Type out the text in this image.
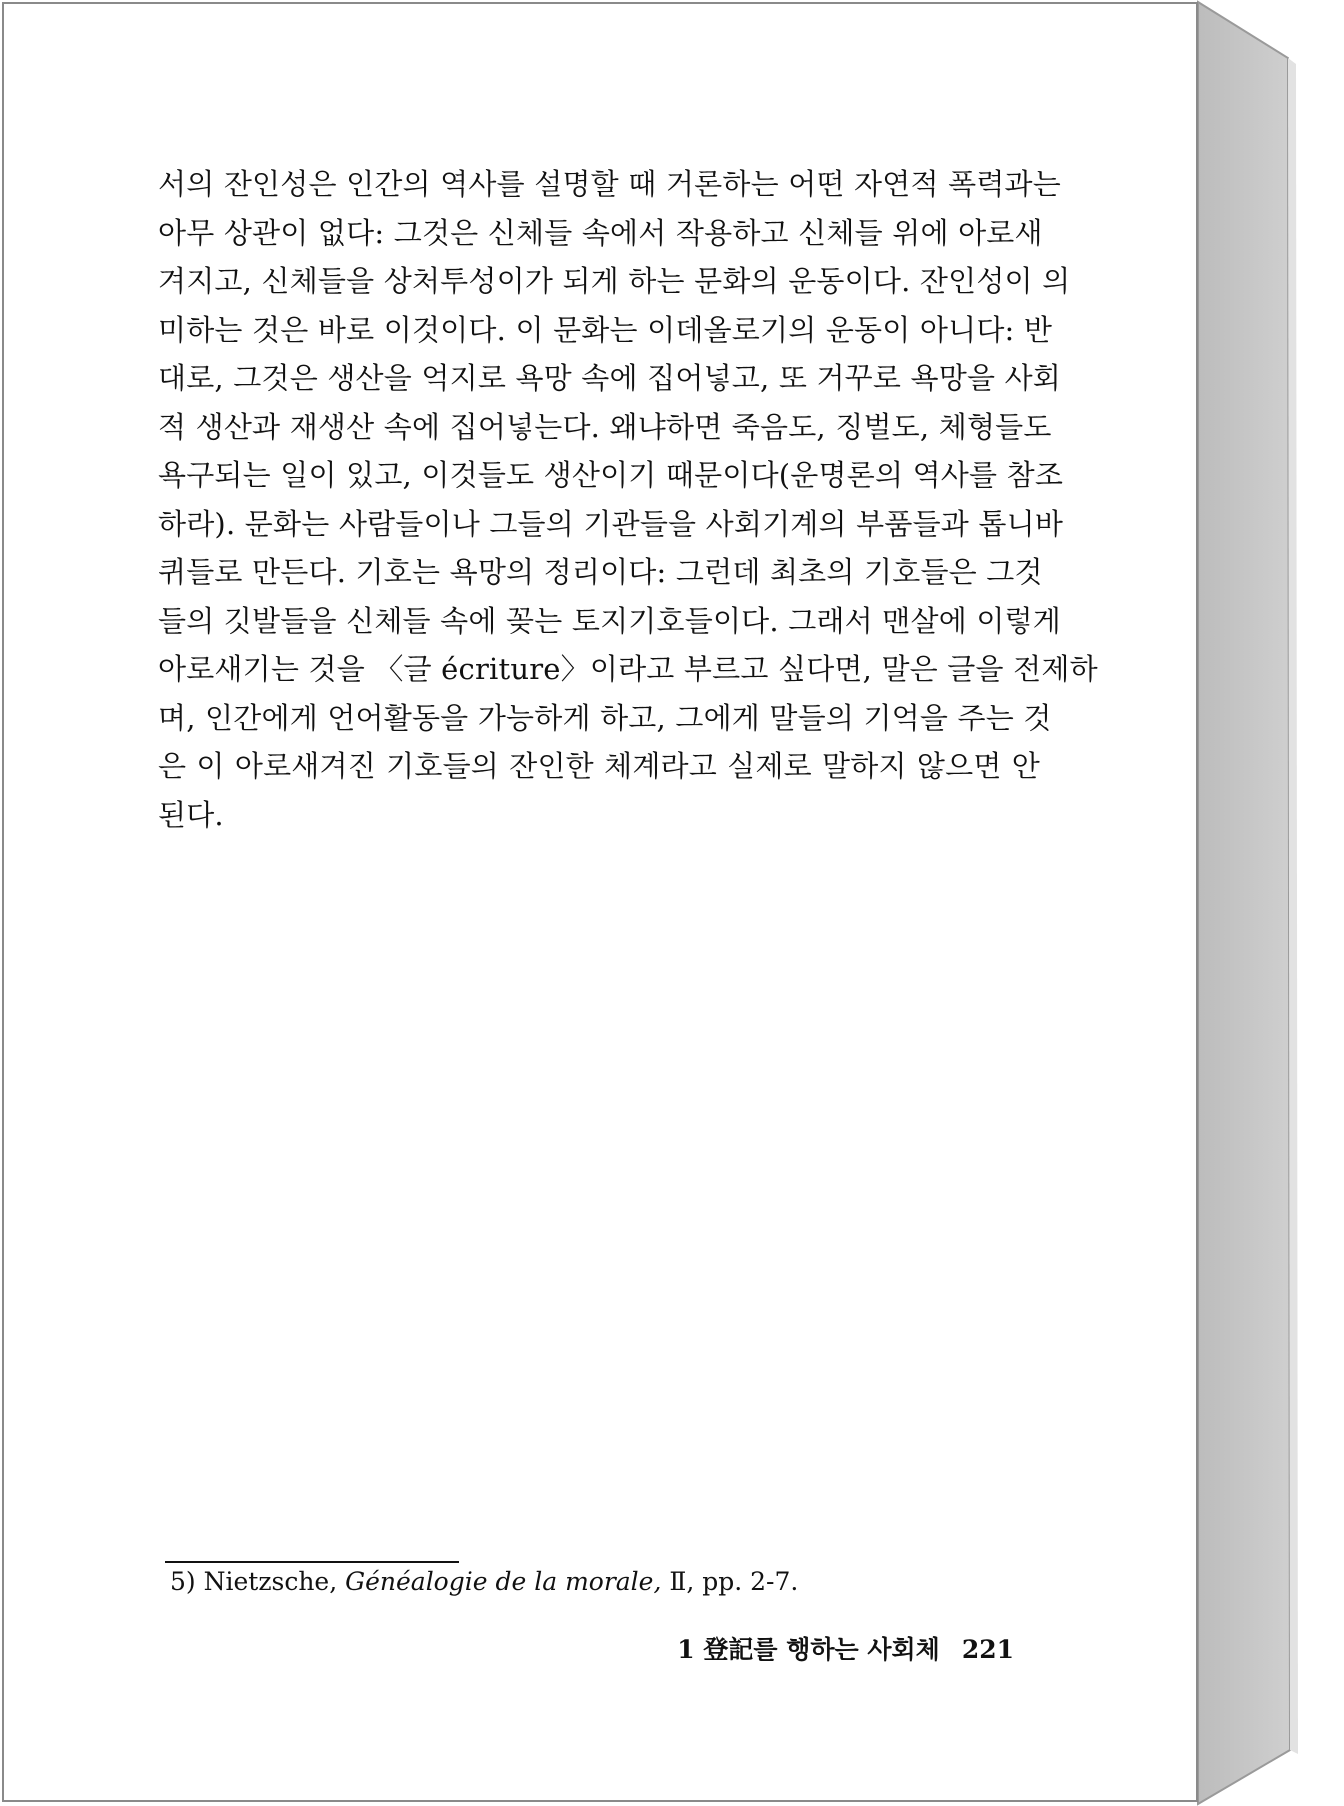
서의 잔인성은 인간의 역사를 설명할 때 거론하는 어떤 자연적 폭력과는
아무 상관이 없다: 그것은 신체들 속에서 작용하고 신체들 위에 아로새
겨지고, 신체들을 상처투성이가 되게 하는 문화의 운동이다. 잔인성이 의
미하는 것은 바로 이것이다. 이 문화는 이데올로기의 운동이 아니다: 반
대로, 그것은 생산을 억지로 욕망 속에 집어넣고, 또 거꾸로 욕망을 사회
적 생산과 재생산 속에 집어넣는다. 왜냐하면 죽음도, 징벌도, 체형들도
욕구되는 일이 있고, 이것들도 생산이기 때문이다(운명론의 역사를 참조
하라). 문화는 사람들이나 그들의 기관들을 사회기계의 부품들과 톱니바
퀴들로 만든다. 기호는 욕망의 정리이다: 그런데 최초의 기호들은 그것
들의 깃발들을 신체들 속에 꽂는 토지기호들이다. 그래서 맨살에 이렇게
아로새기는 것을 〈글 écriture〉이라고 부르고 싶다면, 말은 글을 전제하
며, 인간에게 언어활동을 가능하게 하고, 그에게 말들의 기억을 주는 것
은 이 아로새겨진 기호들의 잔인한 체계라고 실제로 말하지 않으면 안
된다.
5) Nietzsche, Généalogie de la morale, Ⅱ, pp. 2-7.
1 登記를 행하는 사회체 221
